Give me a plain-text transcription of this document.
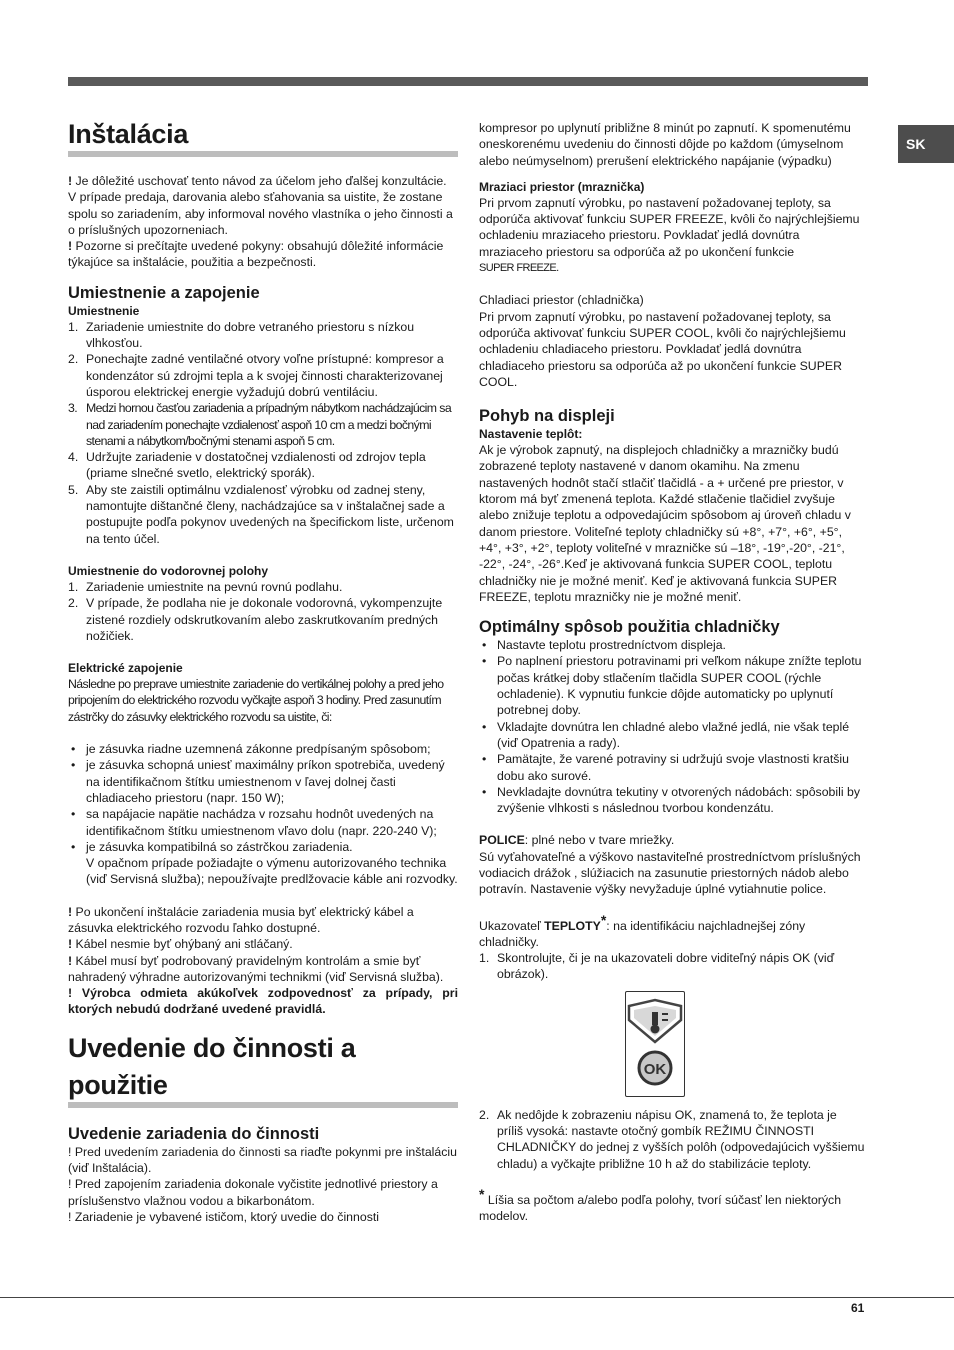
SK
Inštalácia

! Je dôležité uschovať tento návod za účelom jeho ďalšej konzultácie. V prípade predaja, darovania alebo sťahovania sa uistite, že zostane spolu so zariadením, aby informoval nového vlastníka o jeho činnosti a o príslušných upozorneniach.

! Pozorne si prečítajte uvedené pokyny: obsahujú dôležité informácie týkajúce sa inštalácie, použitia a bezpečnosti.

Umiestnenie a zapojenie
Umiestnenie
1. Zariadenie umiestnite do dobre vetraného priestoru s nízkou vlhkosťou.
2. Ponechajte zadné ventilačné otvory voľne prístupné: kompresor a kondenzátor sú zdrojmi tepla a k svojej činnosti charakterizovanej úsporou elektrickej energie vyžadujú dobrú ventiláciu.
3. Medzi hornou časťou zariadenia a prípadným nábytkom nachádzajúcim sa nad zariadením ponechajte vzdialenosť aspoň 10 cm a medzi bočnými stenami a nábytkom/bočnými stenami aspoň 5 cm.
4. Udržujte zariadenie v dostatočnej vzdialenosti od zdrojov tepla (priame slnečné svetlo, elektrický sporák).
5. Aby ste zaistili optimálnu vzdialenosť výrobku od zadnej steny, namontujte dištančné členy, nachádzajúce sa v inštalačnej sade a postupujte podľa pokynov uvedených na špecifickom liste, určenom na tento účel.
Umiestnenie do vodorovnej polohy
1. Zariadenie umiestnite na pevnú rovnú podlahu.
2. V prípade, že podlaha nie je dokonale vodorovná, vykompenzujte zistené rozdiely odskrutkovaním alebo zaskrutkovaním predných nožičiek.
Elektrické zapojenie

Následne po preprave umiestnite zariadenie do vertikálnej polohy a pred jeho pripojením do elektrického rozvodu vyčkajte aspoň 3 hodiny. Pred zasunutím zástrčky do zásuvky elektrického rozvodu sa uistite, či:

• je zásuvka riadne uzemnená zákonne predpísaným spôsobom;
• je zásuvka schopná uniesť maximálny príkon spotrebiča, uvedený na identifikačnom štítku umiestnenom v ľavej dolnej časti chladiaceho priestoru (napr. 150 W);
• sa napájacie napätie nachádza v rozsahu hodnôt uvedených na identifikačnom štítku umiestnenom vľavo dolu (napr. 220-240 V);
• je zásuvka kompatibilná so zástrčkou zariadenia.

V opačnom prípade požiadajte o výmenu autorizovaného technika (viď Servisná služba); nepoužívajte predlžovacie káble ani rozvodky.

! Po ukončení inštalácie zariadenia musia byť elektrický kábel a zásuvka elektrického rozvodu ľahko dostupné.

! Kábel nesmie byť ohýbaný ani stláčaný.

! Kábel musí byť podrobovaný pravidelným kontrolám a smie byť nahradený výhradne autorizovanými technikmi (viď Servisná služba).

! Výrobca odmieta akúkoľvek zodpovednosť za prípady, pri ktorých nebudú dodržané uvedené pravidlá.

Uvedenie do činnosti a
použitie
Uvedenie zariadenia do činnosti

! Pred uvedením zariadenia do činnosti sa riaďte pokynmi pre inštaláciu (viď Inštalácia).

! Pred zapojením zariadenia dokonale vyčistite jednotlivé priestory a príslušenstvo vlažnou vodou a bikarbonátom.

! Zariadenie je vybavené ističom, ktorý uvedie do činnosti

kompresor po uplynutí približne 8 minút po zapnutí. K spomenutému oneskorenému uvedeniu do činnosti dôjde po každom (úmyselnom alebo neúmyselnom) prerušení elektrického napájanie (výpadku)

Mraziaci priestor (mraznička)

Pri prvom zapnutí výrobku, po nastavení požadovanej teploty, sa odporúča aktivovať funkciu SUPER FREEZE, kvôli čo najrýchlejšiemu ochladeniu mraziaceho priestoru. Povkladať jedlá dovnútra mraziaceho priestoru sa odporúča až po ukončení funkcie

SUPER FREEZE.

Chladiaci priestor (chladnička)

Pri prvom zapnutí výrobku, po nastavení požadovanej teploty, sa odporúča aktivovať funkciu SUPER COOL, kvôli čo najrýchlejšiemu ochladeniu chladiaceho priestoru. Povkladať jedlá dovnútra chladiaceho priestoru sa odporúča až po ukončení funkcie SUPER COOL.

Pohyb na displeji
Nastavenie teplôt:

Ak je výrobok zapnutý, na displejoch chladničky a mrazničky budú zobrazené teploty nastavené v danom okamihu. Na zmenu nastavených hodnôt stačí stlačiť tlačidlá - a + určené pre priestor, v ktorom má byť zmenená teplota. Každé stlačenie tlačidiel zvyšuje alebo znižuje teplotu a odpovedajúcim spôsobom aj úroveň chladu v danom priestore. Voliteľné teploty chladničky sú +8°, +7°, +6°, +5°, +4°, +3°, +2°, teploty voliteľné v mrazničke sú –18°, -19°,-20°, -21°, -22°, -24°, -26°.Keď je aktivovaná funkcia SUPER COOL, teplotu chladničky nie je možné meniť. Keď je aktivovaná funkcia SUPER FREEZE, teplotu mrazničky nie je možné meniť.

Optimálny spôsob použitia chladničky
• Nastavte teplotu prostredníctvom displeja.
• Po naplnení priestoru potravinami pri veľkom nákupe znížte teplotu počas krátkej doby stlačením tlačidla SUPER COOL (rýchle ochladenie). K vypnutiu funkcie dôjde automaticky po uplynutí potrebnej doby.
• Vkladajte dovnútra len chladné alebo vlažné jedlá, nie však teplé (viď Opatrenia a rady).
• Pamätajte, že varené potraviny si udržujú svoje vlastnosti kratšiu dobu ako surové.
• Nevkladajte dovnútra tekutiny v otvorených nádobách: spôsobili by zvýšenie vlhkosti s následnou tvorbou kondenzátu.

POLICE: plné nebo v tvare mriežky.

Sú vyťahovateľné a výškovo nastaviteľné prostredníctvom príslušných vodiacich drážok , slúžiacich na zasunutie priestorných nádob alebo potravín. Nastavenie výšky nevyžaduje úplné vytiahnutie police.

Ukazovateľ TEPLOTY*: na identifikáciu najchladnejšej zóny chladničky.

1. Skontrolujte, či je na ukazovateli dobre viditeľný nápis OK (viď obrázok).
OK
2. Ak nedôjde k zobrazeniu nápisu OK, znamená to, že teplota je príliš vysoká: nastavte otočný gombík REŽIMU ČINNOSTI CHLADNIČKY do jednej z vyšších polôh (odpovedajúcich vyššiemu chladu) a vyčkajte približne 10 h až do stabilizácie teploty.

* Líšia sa počtom a/alebo podľa polohy, tvorí súčasť len niektorých modelov.

61
